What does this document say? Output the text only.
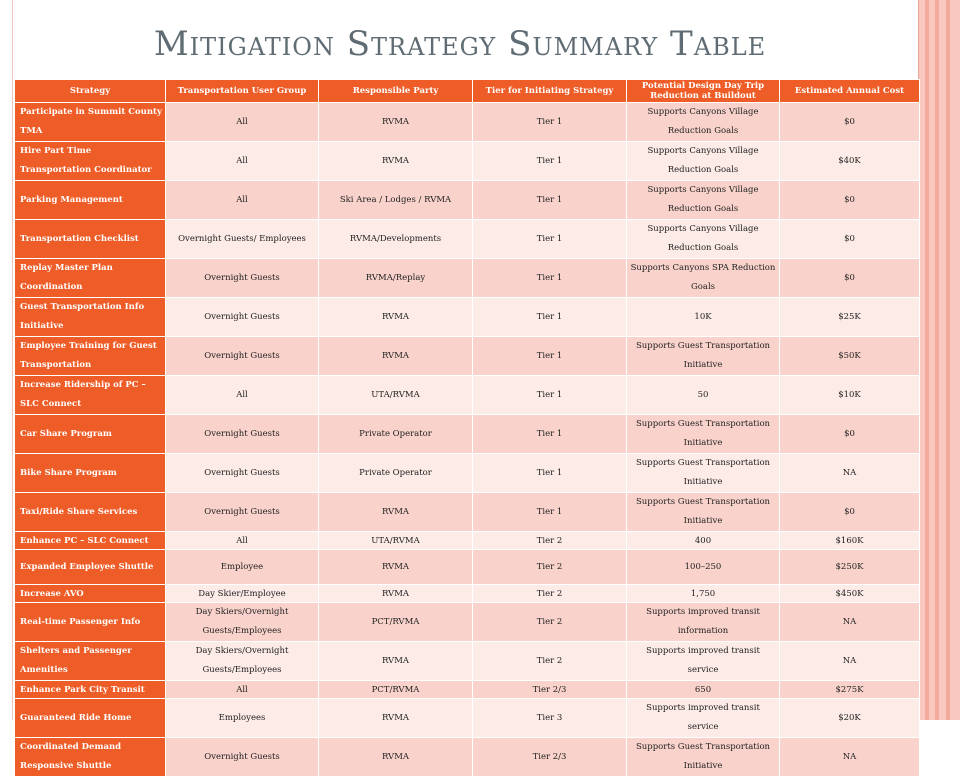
Mitigation Strategy Summary Table
Strategy	Transportation User Group	Responsible Party	Tier for Initiating Strategy	Potential Design Day Trip Reduction at Buildout	Estimated Annual Cost
Participate in Summit County TMA	All	RVMA	Tier 1	Supports Canyons Village Reduction Goals	$0
Hire Part Time Transportation Coordinator	All	RVMA	Tier 1	Supports Canyons Village Reduction Goals	$40K
Parking Management	All	Ski Area / Lodges / RVMA	Tier 1	Supports Canyons Village Reduction Goals	$0
Transportation Checklist	Overnight Guests/ Employees	RVMA/Developments	Tier 1	Supports Canyons Village Reduction Goals	$0
Replay Master Plan Coordination	Overnight Guests	RVMA/Replay	Tier 1	Supports Canyons SPA Reduction Goals	$0
Guest Transportation Info Initiative	Overnight Guests	RVMA	Tier 1	10K	$25K
Employee Training for Guest Transportation	Overnight Guests	RVMA	Tier 1	Supports Guest Transportation Initiative	$50K
Increase Ridership of PC – SLC Connect	All	UTA/RVMA	Tier 1	50	$10K
Car Share Program	Overnight Guests	Private Operator	Tier 1	Supports Guest Transportation Initiative	$0
Bike Share Program	Overnight Guests	Private Operator	Tier 1	Supports Guest Transportation Initiative	NA
Taxi/Ride Share Services	Overnight Guests	RVMA	Tier 1	Supports Guest Transportation Initiative	$0
Enhance PC – SLC Connect	All	UTA/RVMA	Tier 2	400	$160K
Expanded Employee Shuttle	Employee	RVMA	Tier 2	100–250	$250K
Increase AVO	Day Skier/Employee	RVMA	Tier 2	1,750	$450K
Real-time Passenger Info	Day Skiers/Overnight Guests/Employees	PCT/RVMA	Tier 2	Supports improved transit information	NA
Shelters and Passenger Amenities	Day Skiers/Overnight Guests/Employees	RVMA	Tier 2	Supports improved transit service	NA
Enhance Park City Transit	All	PCT/RVMA	Tier 2/3	650	$275K
Guaranteed Ride Home	Employees	RVMA	Tier 3	Supports improved transit service	$20K
Coordinated Demand Responsive Shuttle	Overnight Guests	RVMA	Tier 2/3	Supports Guest Transportation Initiative	NA
